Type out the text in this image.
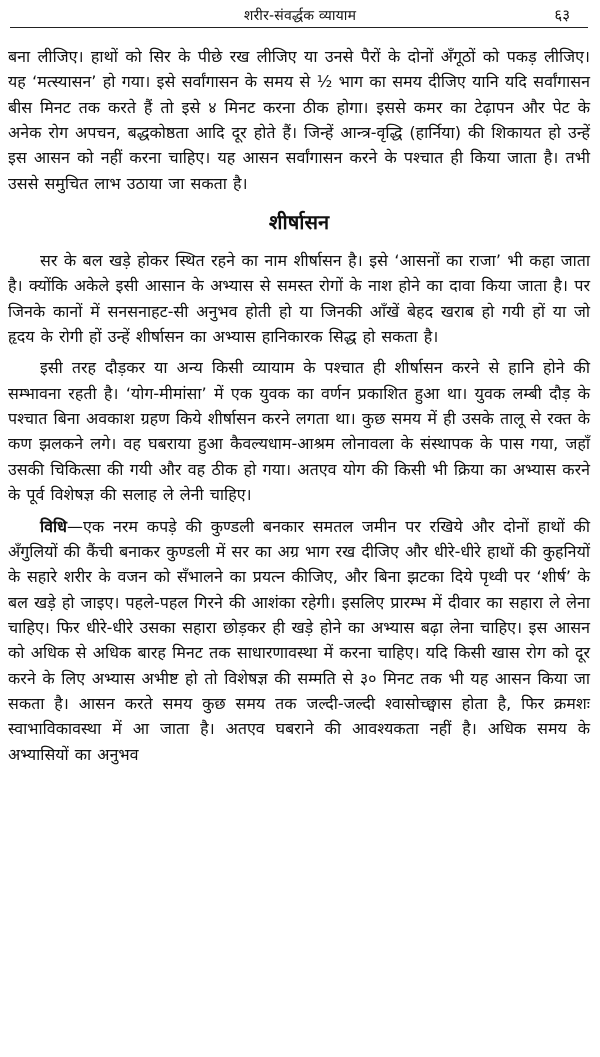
शरीर-संवर्द्धक व्यायाम	६३

बना लीजिए। हाथों को सिर के पीछे रख लीजिए या उनसे पैरों के दोनों अँगूठों को पकड़ लीजिए। यह ‘मत्स्यासन’ हो गया। इसे सर्वांगासन के समय से ½ भाग का समय दीजिए यानि यदि सर्वांगासन बीस मिनट तक करते हैं तो इसे ४ मिनट करना ठीक होगा। इससे कमर का टेढ़ापन और पेट के अनेक रोग अपचन, बद्धकोष्ठता आदि दूर होते हैं। जिन्हें आन्त्र-वृद्धि (हार्निया) की शिकायत हो उन्हें इस आसन को नहीं करना चाहिए। यह आसन सर्वांगासन करने के पश्चात ही किया जाता है। तभी उससे समुचित लाभ उठाया जा सकता है।

शीर्षासन

सर के बल खड़े होकर स्थित रहने का नाम शीर्षासन है। इसे ‘आसनों का राजा’ भी कहा जाता है। क्योंकि अकेले इसी आसान के अभ्यास से समस्त रोगों के नाश होने का दावा किया जाता है। पर जिनके कानों में सनसनाहट-सी अनुभव होती हो या जिनकी आँखें बेहद खराब हो गयी हों या जो हृदय के रोगी हों उन्हें शीर्षासन का अभ्यास हानिकारक सिद्ध हो सकता है।

इसी तरह दौड़कर या अन्य किसी व्यायाम के पश्चात ही शीर्षासन करने से हानि होने की सम्भावना रहती है। ‘योग-मीमांसा’ में एक युवक का वर्णन प्रकाशित हुआ था। युवक लम्बी दौड़ के पश्चात बिना अवकाश ग्रहण किये शीर्षासन करने लगता था। कुछ समय में ही उसके तालू से रक्त के कण झलकने लगे। वह घबराया हुआ कैवल्यधाम-आश्रम लोनावला के संस्थापक के पास गया, जहाँ उसकी चिकित्सा की गयी और वह ठीक हो गया। अतएव योग की किसी भी क्रिया का अभ्यास करने के पूर्व विशेषज्ञ की सलाह ले लेनी चाहिए।

विधि—एक नरम कपड़े की कुण्डली बनकार समतल जमीन पर रखिये और दोनों हाथों की अँगुलियों की कैंची बनाकर कुण्डली में सर का अग्र भाग रख दीजिए और धीरे-धीरे हाथों की कुहनियों के सहारे शरीर के वजन को सँभालने का प्रयत्न कीजिए, और बिना झटका दिये पृथ्वी पर ‘शीर्ष’ के बल खड़े हो जाइए। पहले-पहल गिरने की आशंका रहेगी। इसलिए प्रारम्भ में दीवार का सहारा ले लेना चाहिए। फिर धीरे-धीरे उसका सहारा छोड़कर ही खड़े होने का अभ्यास बढ़ा लेना चाहिए। इस आसन को अधिक से अधिक बारह मिनट तक साधारणावस्था में करना चाहिए। यदि किसी खास रोग को दूर करने के लिए अभ्यास अभीष्ट हो तो विशेषज्ञ की सम्मति से ३० मिनट तक भी यह आसन किया जा सकता है। आसन करते समय कुछ समय तक जल्दी-जल्दी श्वासोच्छ्वास होता है, फिर क्रमशः स्वाभाविकावस्था में आ जाता है। अतएव घबराने की आवश्यकता नहीं है। अधिक समय के अभ्यासियों का अनुभव
